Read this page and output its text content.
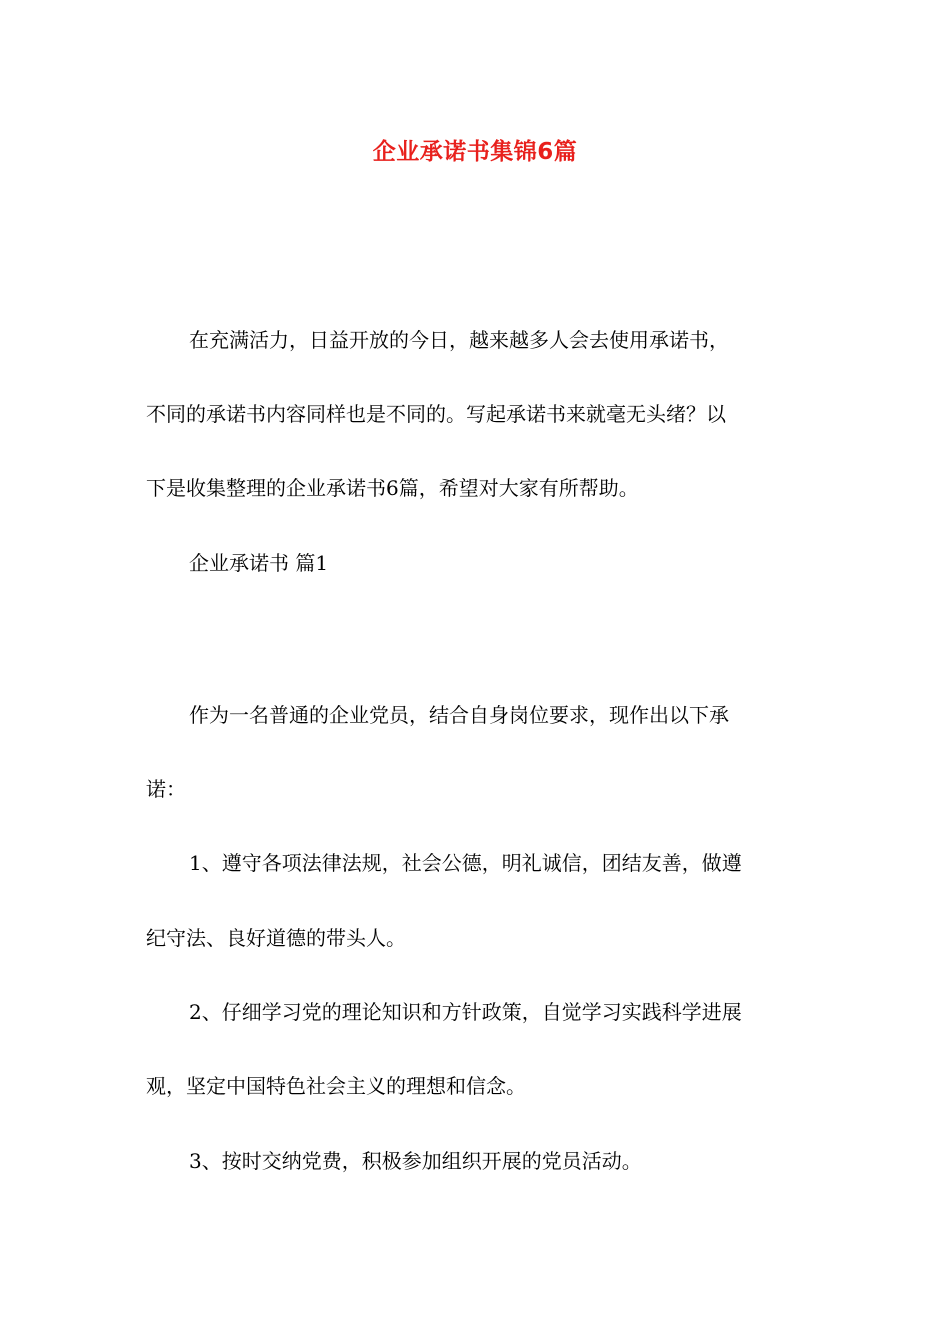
企业承诺书集锦6篇
在充满活力，日益开放的今日，越来越多人会去使用承诺书，
不同的承诺书内容同样也是不同的。写起承诺书来就毫无头绪？以
下是收集整理的企业承诺书6篇，希望对大家有所帮助。
企业承诺书 篇1
作为一名普通的企业党员，结合自身岗位要求，现作出以下承
诺：
1、遵守各项法律法规，社会公德，明礼诚信，团结友善，做遵
纪守法、良好道德的带头人。
2、仔细学习党的理论知识和方针政策，自觉学习实践科学进展
观，坚定中国特色社会主义的理想和信念。
3、按时交纳党费，积极参加组织开展的党员活动。
